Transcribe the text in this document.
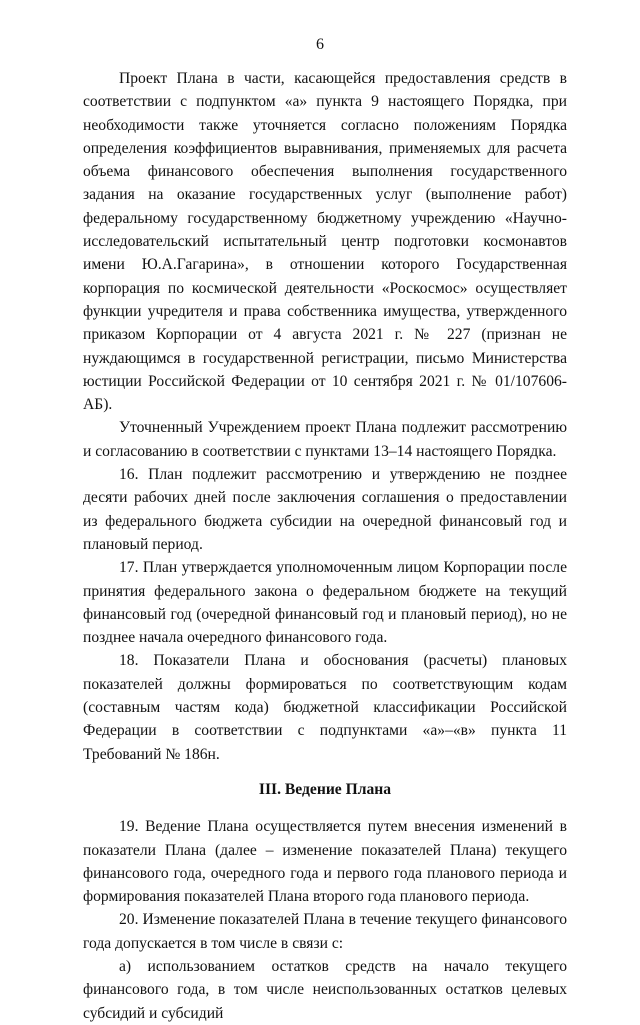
6

Проект Плана в части, касающейся предоставления средств в соответствии с подпунктом «а» пункта 9 настоящего Порядка, при необходимости также уточняется согласно положениям Порядка определения коэффициентов выравнивания, применяемых для расчета объема финансового обеспечения выполнения государственного задания на оказание государственных услуг (выполнение работ) федеральному государственному бюджетному учреждению «Научно-исследовательский испытательный центр подготовки космонавтов имени Ю.А.Гагарина», в отношении которого Государственная корпорация по космической деятельности «Роскосмос» осуществляет функции учредителя и права собственника имущества, утвержденного приказом Корпорации от 4 августа 2021 г. № 227 (признан не нуждающимся в государственной регистрации, письмо Министерства юстиции Российской Федерации от 10 сентября 2021 г. № 01/107606-АБ).

Уточненный Учреждением проект Плана подлежит рассмотрению и согласованию в соответствии с пунктами 13–14 настоящего Порядка.

16. План подлежит рассмотрению и утверждению не позднее десяти рабочих дней после заключения соглашения о предоставлении из федерального бюджета субсидии на очередной финансовый год и плановый период.

17. План утверждается уполномоченным лицом Корпорации после принятия федерального закона о федеральном бюджете на текущий финансовый год (очередной финансовый год и плановый период), но не позднее начала очередного финансового года.

18. Показатели Плана и обоснования (расчеты) плановых показателей должны формироваться по соответствующим кодам (составным частям кода) бюджетной классификации Российской Федерации в соответствии с подпунктами «а»–«в» пункта 11 Требований № 186н.

III. Ведение Плана

19. Ведение Плана осуществляется путем внесения изменений в показатели Плана (далее – изменение показателей Плана) текущего финансового года, очередного года и первого года планового периода и формирования показателей Плана второго года планового периода.

20. Изменение показателей Плана в течение текущего финансового года допускается в том числе в связи с:

а) использованием остатков средств на начало текущего финансового года, в том числе неиспользованных остатков целевых субсидий и субсидий
